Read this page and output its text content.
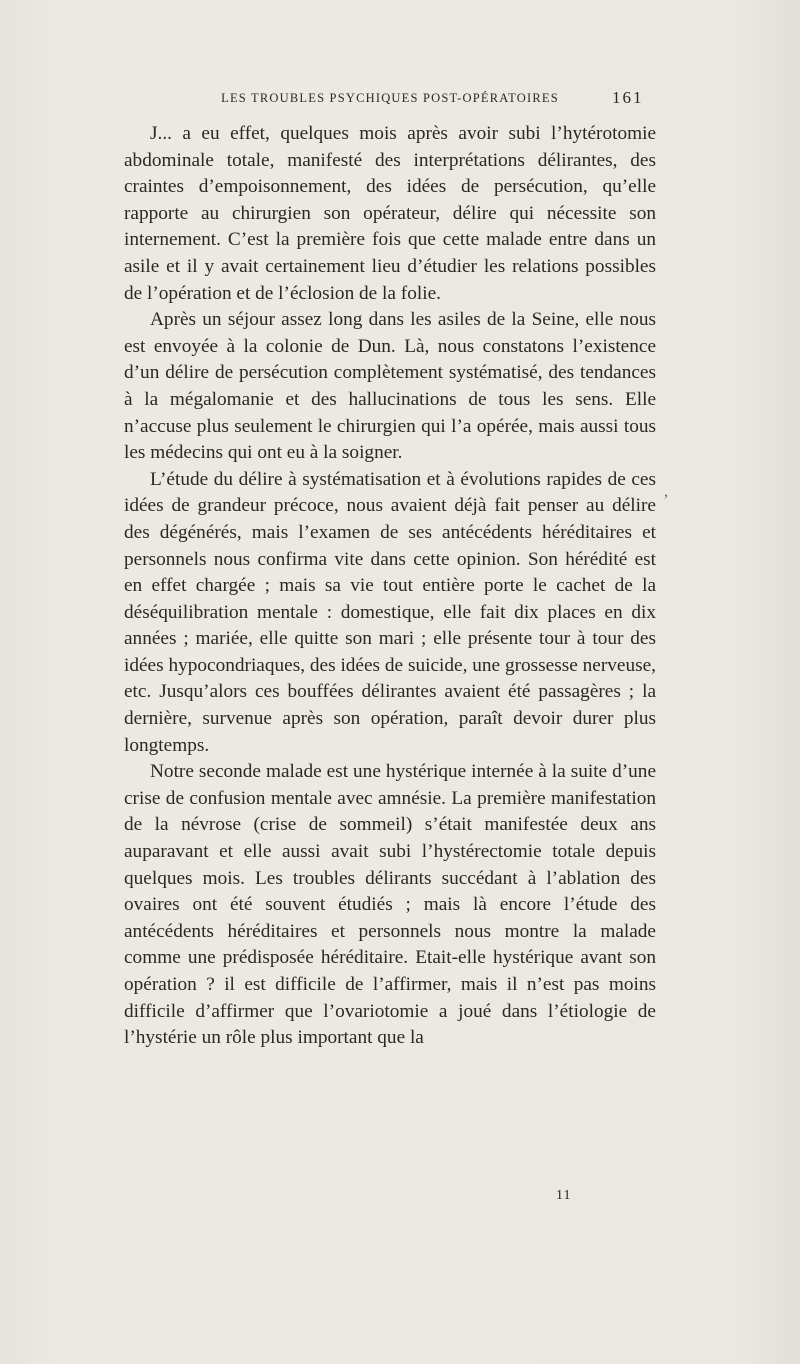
LES TROUBLES PSYCHIQUES POST-OPÉRATOIRES	161

J... a eu effet, quelques mois après avoir subi l’hytérotomie abdominale totale, manifesté des interprétations délirantes, des craintes d’empoisonnement, des idées de persécution, qu’elle rapporte au chirurgien son opérateur, délire qui nécessite son internement. C’est la première fois que cette malade entre dans un asile et il y avait certainement lieu d’étudier les relations possibles de l’opération et de l’éclosion de la folie.

Après un séjour assez long dans les asiles de la Seine, elle nous est envoyée à la colonie de Dun. Là, nous constatons l’existence d’un délire de persécution complètement systématisé, des tendances à la mégalomanie et des hallucinations de tous les sens. Elle n’accuse plus seulement le chirurgien qui l’a opérée, mais aussi tous les médecins qui ont eu à la soigner.

L’étude du délire à systématisation et à évolutions rapides de ces idées de grandeur précoce, nous avaient déjà fait penser au délire des dégénérés, mais l’examen de ses antécédents héréditaires et personnels nous confirma vite dans cette opinion. Son hérédité est en effet chargée ; mais sa vie tout entière porte le cachet de la déséquilibration mentale : domestique, elle fait dix places en dix années ; mariée, elle quitte son mari ; elle présente tour à tour des idées hypocondriaques, des idées de suicide, une grossesse nerveuse, etc. Jusqu’alors ces bouffées délirantes avaient été passagères ; la dernière, survenue après son opération, paraît devoir durer plus longtemps.

Notre seconde malade est une hystérique internée à la suite d’une crise de confusion mentale avec amnésie. La première manifestation de la névrose (crise de sommeil) s’était manifestée deux ans auparavant et elle aussi avait subi l’hystérectomie totale depuis quelques mois. Les troubles délirants succédant à l’ablation des ovaires ont été souvent étudiés ; mais là encore l’étude des antécédents héréditaires et personnels nous montre la malade comme une prédisposée héréditaire. Etait-elle hystérique avant son opération ? il est difficile de l’affirmer, mais il n’est pas moins difficile d’affirmer que l’ovariotomie a joué dans l’étiologie de l’hystérie un rôle plus important que la

,
11
